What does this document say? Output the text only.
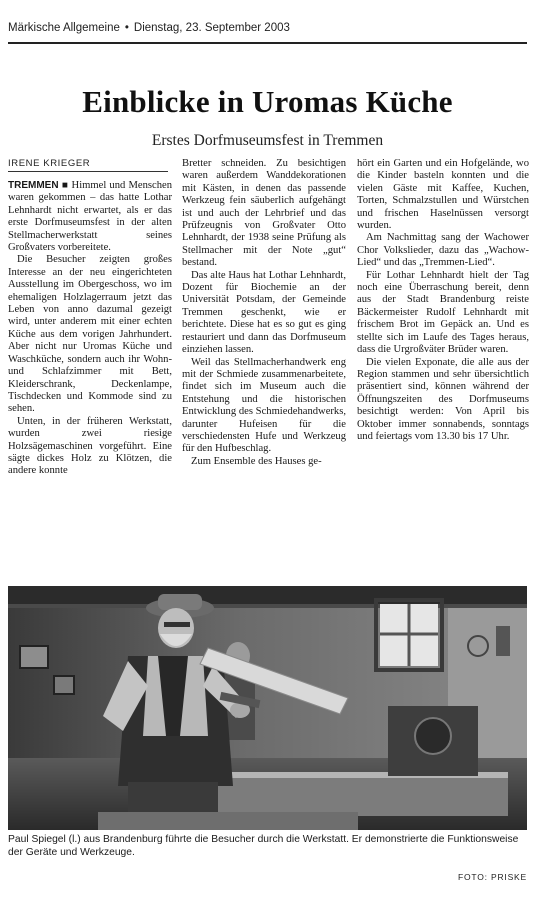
Märkische Allgemeine • Dienstag, 23. September 2003
Einblicke in Uromas Küche
Erstes Dorfmuseumsfest in Tremmen
IRENE KRIEGER

TREMMEN ■ Himmel und Menschen waren gekommen – das hatte Lothar Lehnhardt nicht erwartet, als er das erste Dorfmuseumsfest in der alten Stellmacherwerkstatt seines Großvaters vorbereitete.

Die Besucher zeigten großes Interesse an der neu eingerichteten Ausstellung im Obergeschoss, wo im ehemaligen Holzlagerraum jetzt das Leben von anno dazumal gezeigt wird, unter anderem mit einer echten Küche aus dem vorigen Jahrhundert. Aber nicht nur Uromas Küche und Waschküche, sondern auch ihr Wohn- und Schlafzimmer mit Bett, Kleiderschrank, Deckenlampe, Tischdecken und Kommode sind zu sehen.

Unten, in der früheren Werkstatt, wurden zwei riesige Holzsägemaschinen vorgeführt. Eine sägte dickes Holz zu Klötzen, die andere konnte

Bretter schneiden. Zu besichtigen waren außerdem Wanddekorationen mit Kästen, in denen das passende Werkzeug fein säuberlich aufgehängt ist und auch der Lehrbrief und das Prüfzeugnis von Großvater Otto Lehnhardt, der 1938 seine Prüfung als Stellmacher mit der Note „gut“ bestand.

Das alte Haus hat Lothar Lehnhardt, Dozent für Biochemie an der Universität Potsdam, der Gemeinde Tremmen geschenkt, wie er berichtete. Diese hat es so gut es ging restauriert und dann das Dorfmuseum einziehen lassen.

Weil das Stellmacherhandwerk eng mit der Schmiede zusammenarbeitete, findet sich im Museum auch die Entstehung und die historischen Entwicklung des Schmiedehandwerks, darunter Hufeisen für die verschiedensten Hufe und Werkzeug für den Hufbeschlag.

Zum Ensemble des Hauses ge-

hört ein Garten und ein Hofgelände, wo die Kinder basteln konnten und die vielen Gäste mit Kaffee, Kuchen, Torten, Schmalzstullen und Würstchen und frischen Haselnüssen versorgt wurden.

Am Nachmittag sang der Wachower Chor Volkslieder, dazu das „Wachow-Lied“ und das „Tremmen-Lied“.

Für Lothar Lehnhardt hielt der Tag noch eine Überraschung bereit, denn aus der Stadt Brandenburg reiste Bäckermeister Rudolf Lehnhardt mit frischem Brot im Gepäck an. Und es stellte sich im Laufe des Tages heraus, dass die Urgroßväter Brüder waren.

Die vielen Exponate, die alle aus der Region stammen und sehr übersichtlich präsentiert sind, können während der Öffnungszeiten des Dorfmuseums besichtigt werden: Von April bis Oktober immer sonnabends, sonntags und feiertags vom 13.30 bis 17 Uhr.

Paul Spiegel (l.) aus Brandenburg führte die Besucher durch die Werkstatt. Er demonstrierte die Funktionsweise der Geräte und Werkzeuge.
FOTO: PRISKE
